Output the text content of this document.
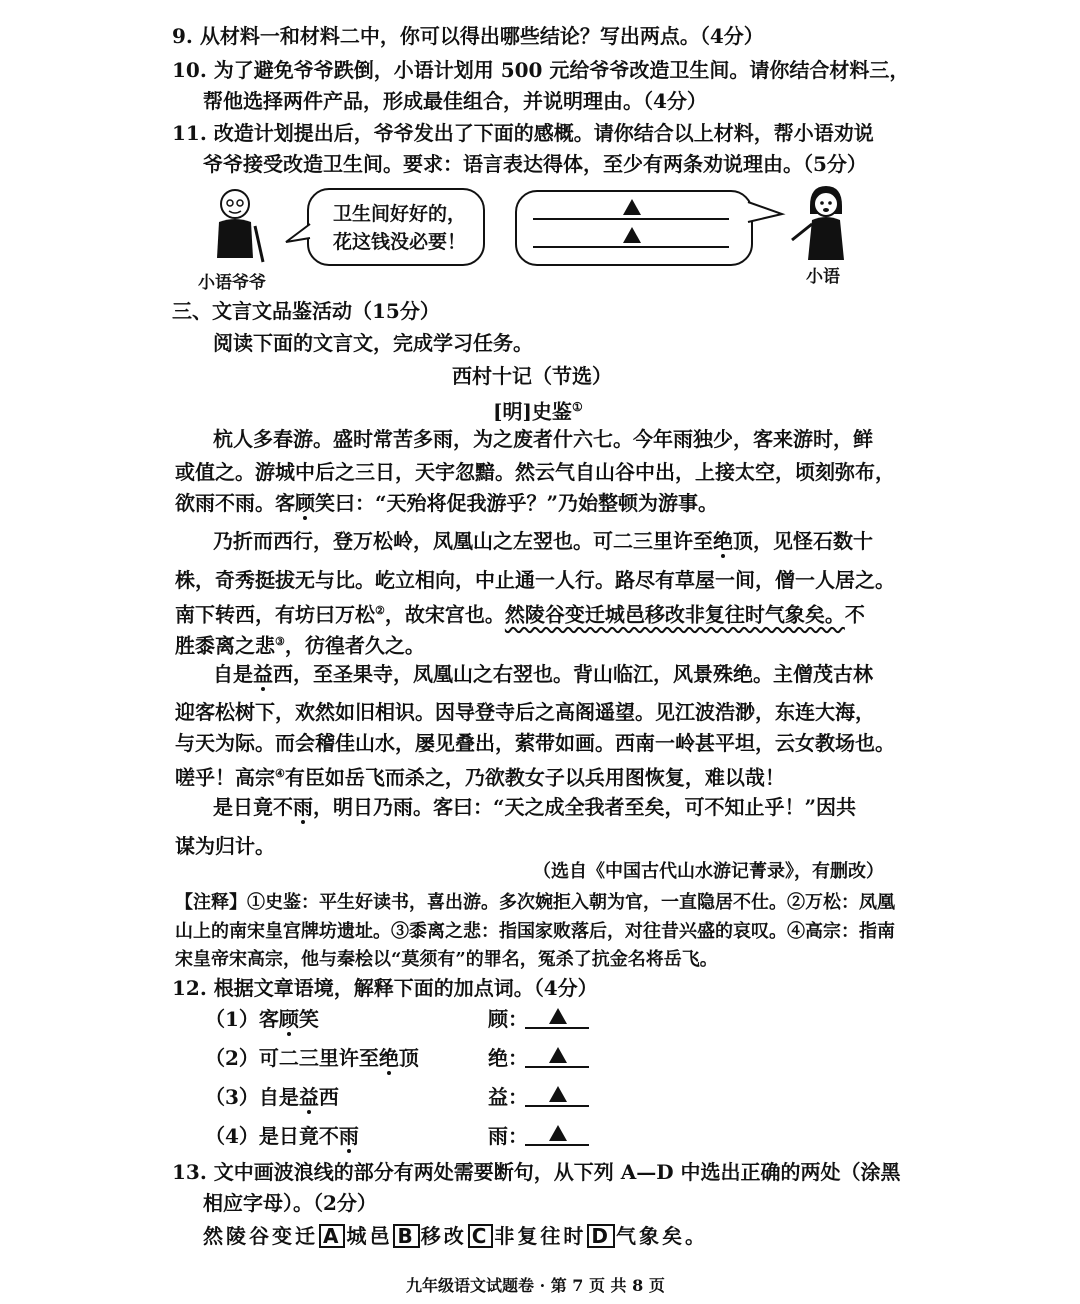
9. 从材料一和材料二中，你可以得出哪些结论？写出两点。（4分）
10. 为了避免爷爷跌倒，小语计划用 500 元给爷爷改造卫生间。请你结合材料三，
帮他选择两件产品，形成最佳组合，并说明理由。（4分）
11. 改造计划提出后，爷爷发出了下面的感概。请你结合以上材料，帮小语劝说
爷爷接受改造卫生间。要求：语言表达得体，至少有两条劝说理由。（5分）
小语爷爷
卫生间好好的，
花这钱没必要！
小语
三、文言文品鉴活动（15分）
阅读下面的文言文，完成学习任务。
西村十记（节选）
[明]史鉴①
杭人多春游。盛时常苦多雨，为之废者什六七。今年雨独少，客来游时，鲜
或值之。游城中后之三日，天宇忽黯。然云气自山谷中出，上接太空，顷刻弥布，
欲雨不雨。客顾笑曰：“天殆将促我游乎？”乃始整顿为游事。
乃折而西行，登万松岭，凤凰山之左翌也。可二三里许至绝顶，见怪石数十
株，奇秀挺拔无与比。屹立相向，中止通一人行。路尽有草屋一间，僧一人居之。
南下转西，有坊曰万松②，故宋宫也。然陵谷变迁城邑移改非复往时气象矣。不
胜黍离之悲③，彷徨者久之。
自是益西，至圣果寺，凤凰山之右翌也。背山临江，风景殊绝。主僧茂古林
迎客松树下，欢然如旧相识。因导登寺后之高阁遥望。见江波浩渺，东连大海，
与天为际。而会稽佳山水，屡见叠出，萦带如画。西南一岭甚平坦，云女教场也。
嗟乎！高宗④有臣如岳飞而杀之，乃欲教女子以兵用图恢复，难以哉！
是日竟不雨，明日乃雨。客曰：“天之成全我者至矣，可不知止乎！”因共
谋为归计。
（选自《中国古代山水游记菁录》，有删改）
【注释】①史鉴：平生好读书，喜出游。多次婉拒入朝为官，一直隐居不仕。②万松：凤凰
山上的南宋皇宫牌坊遗址。③黍离之悲：指国家败落后，对往昔兴盛的哀叹。④高宗：指南
宋皇帝宋高宗，他与秦桧以“莫须有”的罪名，冤杀了抗金名将岳飞。
12. 根据文章语境，解释下面的加点词。（4分）
（1）客顾笑	顾：
（2）可二三里许至绝顶	绝：
（3）自是益西	益：
（4）是日竟不雨	雨：
13. 文中画波浪线的部分有两处需要断句，从下列 A—D 中选出正确的两处（涂黑
相应字母）。（2分）
然陵谷变迁 A 城邑 B 移改 C 非复往时 D 气象矣。
九年级语文试题卷 · 第 7 页 共 8 页
